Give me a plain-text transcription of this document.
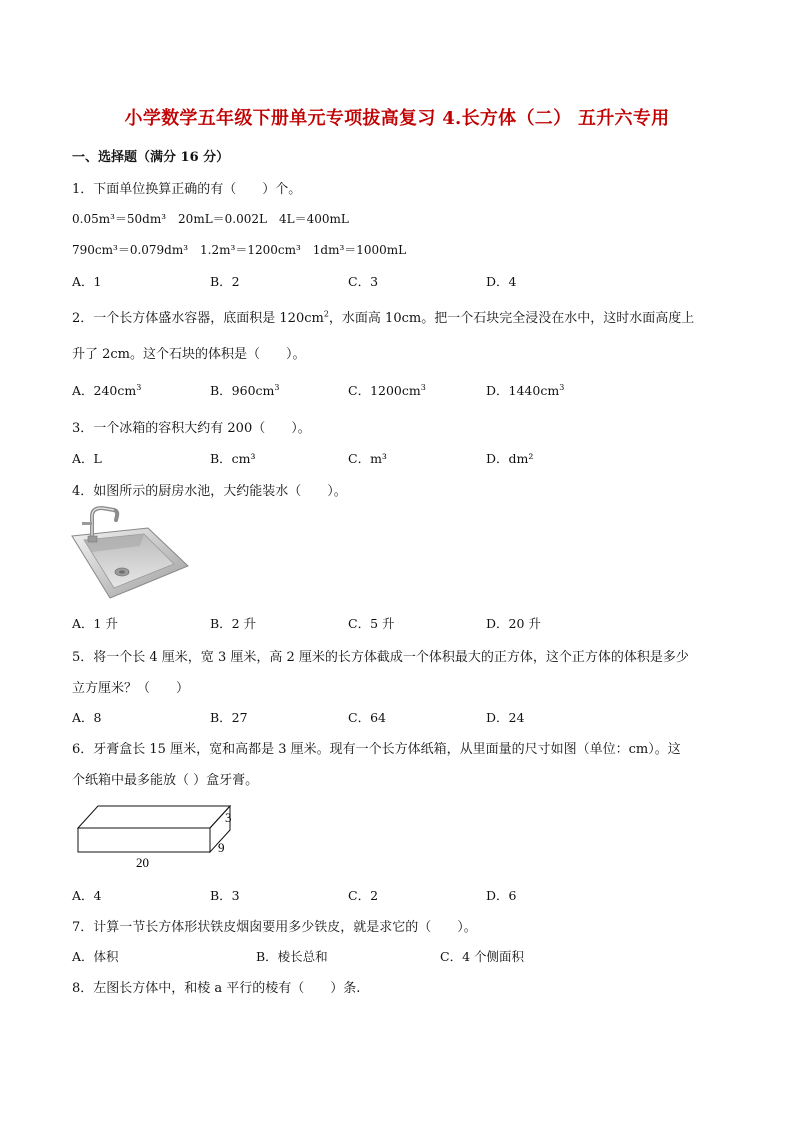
小学数学五年级下册单元专项拔高复习 4.长方体（二） 五升六专用
一、选择题（满分 16 分）
1．下面单位换算正确的有（　　）个。
0.05m³＝50dm³　20mL＝0.002L　4L＝400mL
790cm³＝0.079dm³　1.2m³＝1200cm³　1dm³＝1000mL
A．1	B．2	C．3	D．4
2．一个长方体盛水容器，底面积是 $120cm^2$，水面高 10cm。把一个石块完全浸没在水中，这时水面高度上
升了 2cm。这个石块的体积是（　　）。
A．$240cm^3$	B．$960cm^3$	C．$1200cm^3$	D．$1440cm^3$
3．一个冰箱的容积大约有 200（　　）。
A．L	B．cm³	C．m³	D．dm²
4．如图所示的厨房水池，大约能装水（　　）。
A．1 升	B．2 升	C．5 升	D．20 升
5．将一个长 4 厘米，宽 3 厘米，高 2 厘米的长方体截成一个体积最大的正方体，这个正方体的体积是多少
立方厘米？（　　）
A．8	B．27	C．64	D．24
6．牙膏盒长 15 厘米，宽和高都是 3 厘米。现有一个长方体纸箱，从里面量的尺寸如图（单位：cm）。这
个纸箱中最多能放（ ）盒牙膏。
3
9
20
A．4	B．3	C．2	D．6
7．计算一节长方体形状铁皮烟囱要用多少铁皮，就是求它的（　　）。
A．体积	B．棱长总和	C．4 个侧面积
8．左图长方体中，和棱 a 平行的棱有（　　）条.
